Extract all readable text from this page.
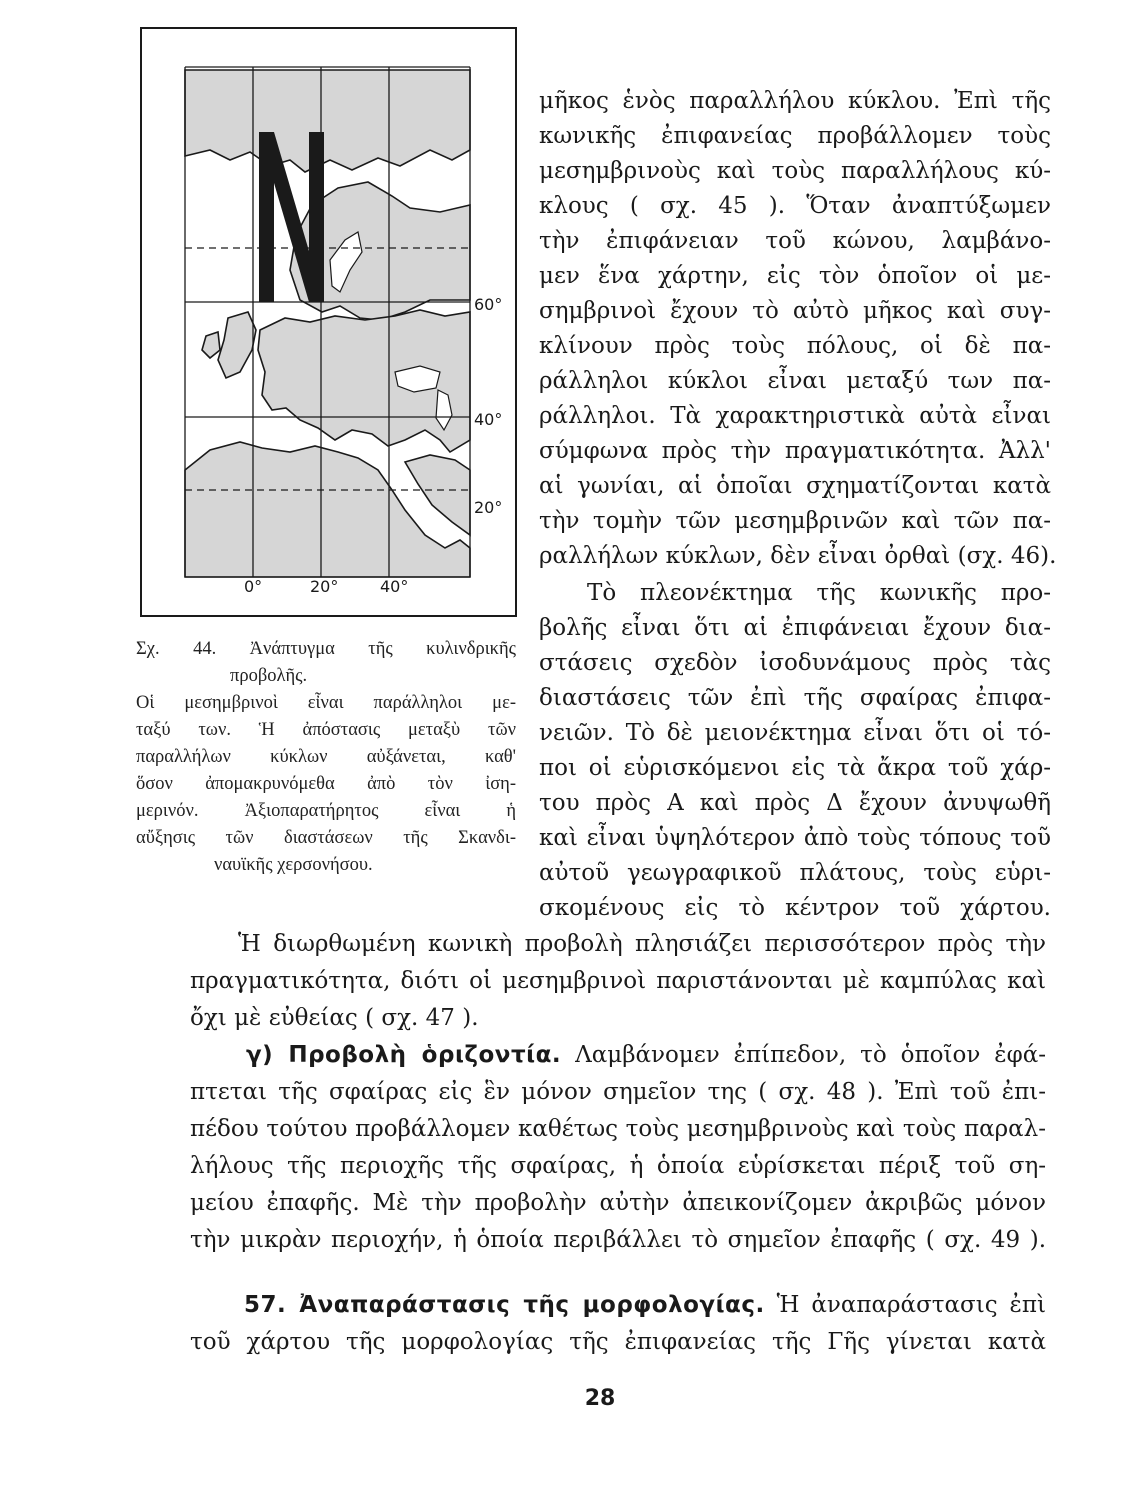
60°
40°
20°
0°	20°	40°

Σχ. 44. Ἀνάπτυγμα τῆς κυλινδρικῆς

προβολῆς.

Οἱ μεσημβρινοὶ εἶναι παράλληλοι με-

ταξύ των. Ἡ ἀπόστασις μεταξὺ τῶν

παραλλήλων κύκλων αὐξάνεται, καθ'

ὅσον ἀπομακρυνόμεθα ἀπὸ τὸν ἰση-

μερινόν. Ἀξιοπαρατήρητος εἶναι ἡ

αὔξησις τῶν διαστάσεων τῆς Σκανδι-

ναυϊκῆς χερσονήσου.

μῆκος ἑνὸς παραλλήλου κύκλου. Ἐπὶ τῆς
κωνικῆς ἐπιφανείας προβάλλομεν τοὺς
μεσημβρινοὺς καὶ τοὺς παραλλήλους κύ-
κλους ( σχ. 45 ). Ὅταν ἀναπτύξωμεν
τὴν ἐπιφάνειαν τοῦ κώνου, λαμβάνο-
μεν ἕνα χάρτην, εἰς τὸν ὁποῖον οἱ με-
σημβρινοὶ ἔχουν τὸ αὐτὸ μῆκος καὶ συγ-
κλίνουν πρὸς τοὺς πόλους, οἱ δὲ πα-
ράλληλοι κύκλοι εἶναι μεταξύ των πα-
ράλληλοι. Τὰ χαρακτηριστικὰ αὐτὰ εἶναι
σύμφωνα πρὸς τὴν πραγματικότητα. Ἀλλ'
αἱ γωνίαι, αἱ ὁποῖαι σχηματίζονται κατὰ
τὴν τομὴν τῶν μεσημβρινῶν καὶ τῶν πα-
ραλλήλων κύκλων, δὲν εἶναι ὀρθαὶ (σχ. 46).
Τὸ πλεονέκτημα τῆς κωνικῆς προ-
βολῆς εἶναι ὅτι αἱ ἐπιφάνειαι ἔχουν δια-
στάσεις σχεδὸν ἰσοδυνάμους πρὸς τὰς
διαστάσεις τῶν ἐπὶ τῆς σφαίρας ἐπιφα-
νειῶν. Τὸ δὲ μειονέκτημα εἶναι ὅτι οἱ τό-
ποι οἱ εὑρισκόμενοι εἰς τὰ ἄκρα τοῦ χάρ-
του πρὸς Α καὶ πρὸς Δ ἔχουν ἀνυψωθῆ
καὶ εἶναι ὑψηλότερον ἀπὸ τοὺς τόπους τοῦ
αὐτοῦ γεωγραφικοῦ πλάτους, τοὺς εὑρι-
σκομένους εἰς τὸ κέντρον τοῦ χάρτου.
Ἡ διωρθωμένη κωνικὴ προβολὴ πλησιάζει περισσότερον πρὸς τὴν
πραγματικότητα, διότι οἱ μεσημβρινοὶ παριστάνονται μὲ καμπύλας καὶ
ὄχι μὲ εὐθείας ( σχ. 47 ).
γ) Προβολὴ ὁριζοντία. Λαμβάνομεν ἐπίπεδον, τὸ ὁποῖον ἐφά-
πτεται τῆς σφαίρας εἰς ἓν μόνον σημεῖον της ( σχ. 48 ). Ἐπὶ τοῦ ἐπι-
πέδου τούτου προβάλλομεν καθέτως τοὺς μεσημβρινοὺς καὶ τοὺς παραλ-
λήλους τῆς περιοχῆς τῆς σφαίρας, ἡ ὁποία εὑρίσκεται πέριξ τοῦ ση-
μείου ἐπαφῆς. Μὲ τὴν προβολὴν αὐτὴν ἀπεικονίζομεν ἀκριβῶς μόνον
τὴν μικρὰν περιοχήν, ἡ ὁποία περιβάλλει τὸ σημεῖον ἐπαφῆς ( σχ. 49 ).
57. Ἀναπαράστασις τῆς μορφολογίας. Ἡ ἀναπαράστασις ἐπὶ
τοῦ χάρτου τῆς μορφολογίας τῆς ἐπιφανείας τῆς Γῆς γίνεται κατὰ
28
